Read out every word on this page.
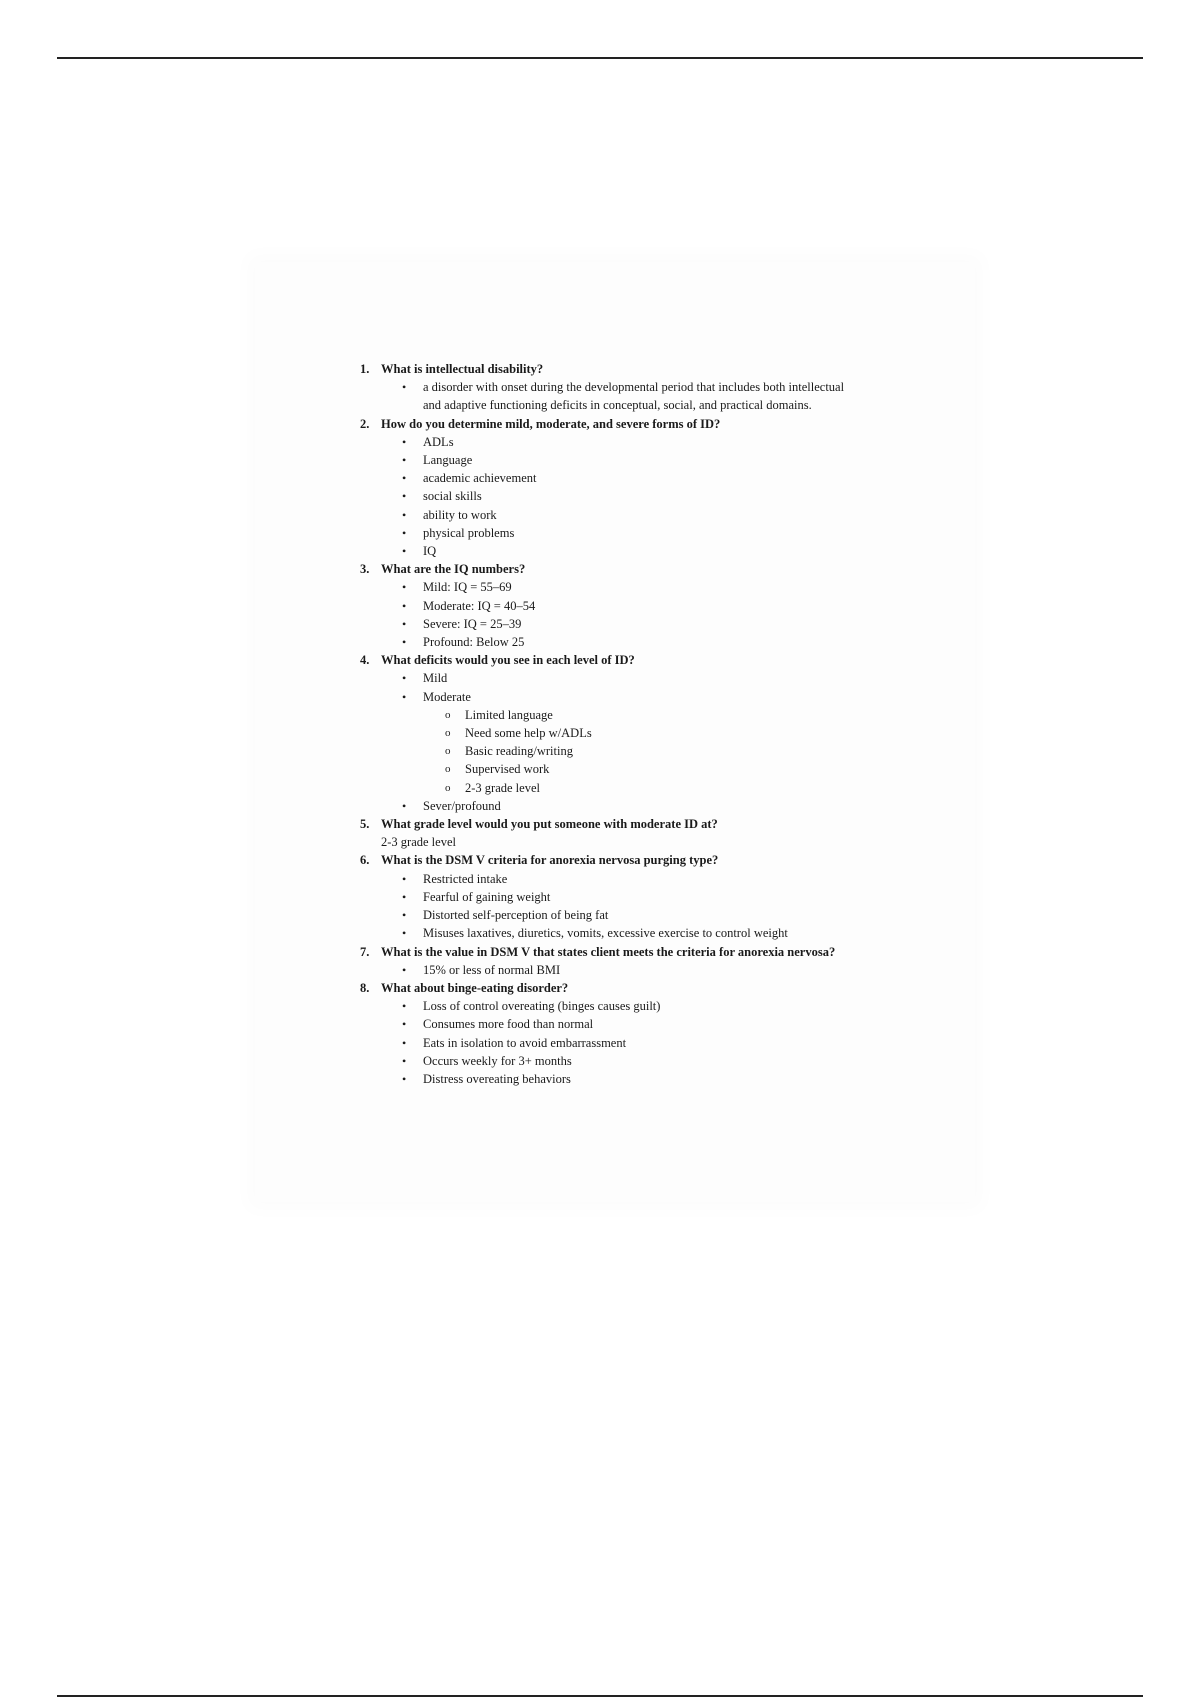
1. What is intellectual disability?
• a disorder with onset during the developmental period that includes both intellectual and adaptive functioning deficits in conceptual, social, and practical domains.
2. How do you determine mild, moderate, and severe forms of ID?
• ADLs
• Language
• academic achievement
• social skills
• ability to work
• physical problems
• IQ
3. What are the IQ numbers?
• Mild: IQ = 55–69
• Moderate: IQ = 40–54
• Severe: IQ = 25–39
• Profound: Below 25
4. What deficits would you see in each level of ID?
• Mild
• Moderate
o Limited language
o Need some help w/ADLs
o Basic reading/writing
o Supervised work
o 2-3 grade level
• Sever/profound
5. What grade level would you put someone with moderate ID at?
2-3 grade level
6. What is the DSM V criteria for anorexia nervosa purging type?
• Restricted intake
• Fearful of gaining weight
• Distorted self-perception of being fat
• Misuses laxatives, diuretics, vomits, excessive exercise to control weight
7. What is the value in DSM V that states client meets the criteria for anorexia nervosa?
• 15% or less of normal BMI
8. What about binge-eating disorder?
• Loss of control overeating (binges causes guilt)
• Consumes more food than normal
• Eats in isolation to avoid embarrassment
• Occurs weekly for 3+ months
• Distress overeating behaviors
